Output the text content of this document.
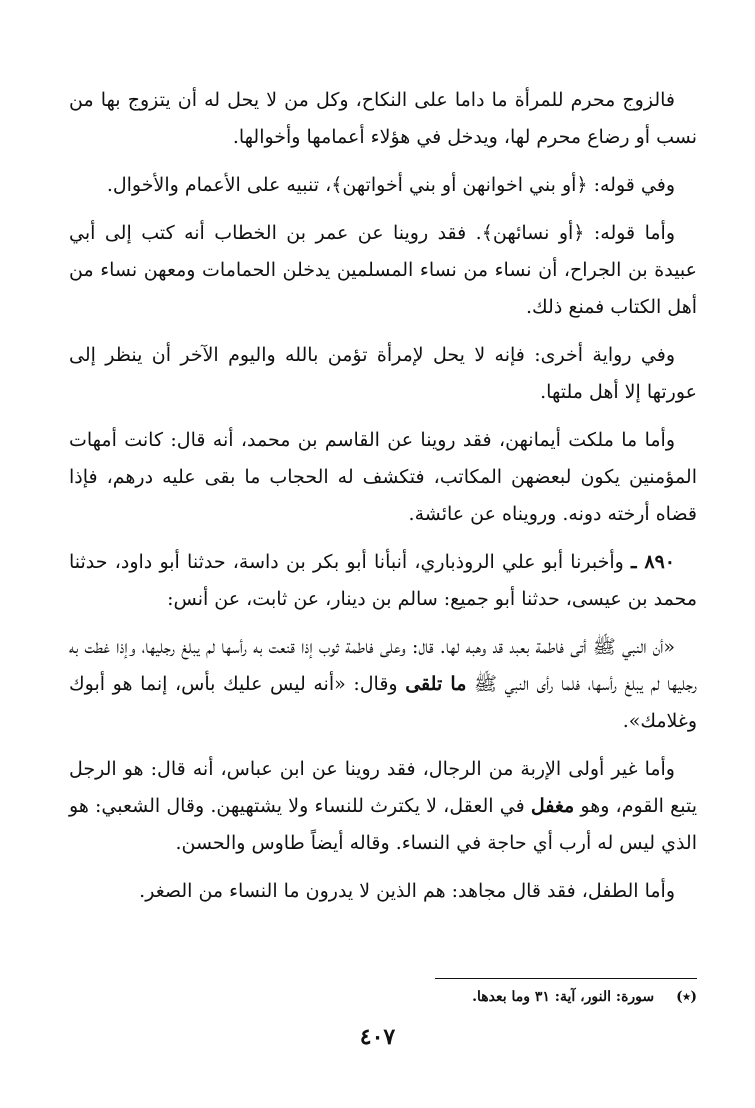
فالزوج محرم للمرأة ما داما على النكاح، وكل من لا يحل له أن يتزوج بها من نسب أو رضاع محرم لها، ويدخل في هؤلاء أعمامها وأخوالها.

وفي قوله: ﴿أو بني اخوانهن أو بني أخواتهن﴾، تنبيه على الأعمام والأخوال.

وأما قوله: ﴿أو نسائهن﴾. فقد روينا عن عمر بن الخطاب أنه كتب إلى أبي عبيدة بن الجراح، أن نساء من نساء المسلمين يدخلن الحمامات ومعهن نساء من أهل الكتاب فمنع ذلك.

وفي رواية أخرى: فإنه لا يحل لإمرأة تؤمن بالله واليوم الآخر أن ينظر إلى عورتها إلا أهل ملتها.

وأما ما ملكت أيمانهن، فقد روينا عن القاسم بن محمد، أنه قال: كانت أمهات المؤمنين يكون لبعضهن المكاتب، فتكشف له الحجاب ما بقى عليه درهم، فإذا قضاه أرخته دونه. ورويناه عن عائشة.

٨٩٠ ـ وأخبرنا أبو علي الروذباري، أنبأنا أبو بكر بن داسة، حدثنا أبو داود، حدثنا محمد بن عيسى، حدثنا أبو جميع: سالم بن دينار، عن ثابت، عن أنس:

«أن النبي ﷺ أتى فاطمة بعبد قد وهبه لها. قال: وعلى فاطمة ثوب إذا قنعت به رأسها لم يبلغ رجليها، وإذا غطت به رجليها لم يبلغ رأسها، فلما رأى النبي ﷺ ما تلقى وقال: «أنه ليس عليك بأس، إنما هو أبوك وغلامك».

وأما غير أولى الإربة من الرجال، فقد روينا عن ابن عباس، أنه قال: هو الرجل يتبع القوم، وهو مغفل في العقل، لا يكترث للنساء ولا يشتهيهن. وقال الشعبي: هو الذي ليس له أرب أي حاجة في النساء. وقاله أيضاً طاوس والحسن.

وأما الطفل، فقد قال مجاهد: هم الذين لا يدرون ما النساء من الصغر.

(٭) سورة: النور، آية: ٣١ وما بعدها.
٤٠٧
